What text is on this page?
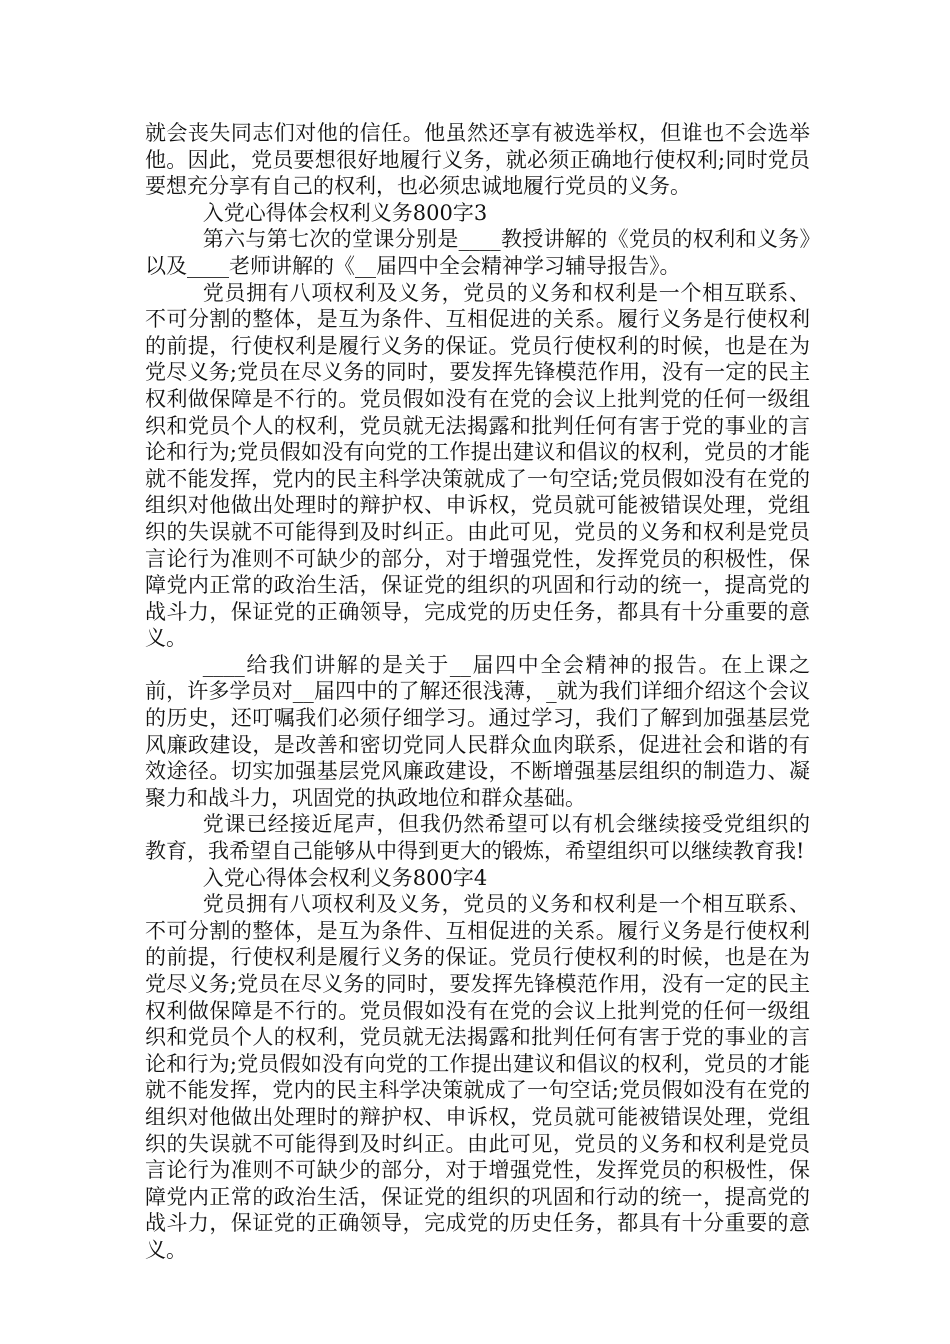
就会丧失同志们对他的信任。他虽然还享有被选举权，但谁也不会选举他。因此，党员要想很好地履行义务，就必须正确地行使权利;同时党员要想充分享有自己的权利，也必须忠诚地履行党员的义务。

入党心得体会权利义务800字3

第六与第七次的堂课分别是____教授讲解的《党员的权利和义务》以及____老师讲解的《__届四中全会精神学习辅导报告》。

党员拥有八项权利及义务，党员的义务和权利是一个相互联系、不可分割的整体，是互为条件、互相促进的关系。履行义务是行使权利的前提，行使权利是履行义务的保证。党员行使权利的时候，也是在为党尽义务;党员在尽义务的同时，要发挥先锋模范作用，没有一定的民主权利做保障是不行的。党员假如没有在党的会议上批判党的任何一级组织和党员个人的权利，党员就无法揭露和批判任何有害于党的事业的言论和行为;党员假如没有向党的工作提出建议和倡议的权利，党员的才能就不能发挥，党内的民主科学决策就成了一句空话;党员假如没有在党的组织对他做出处理时的辩护权、申诉权，党员就可能被错误处理，党组织的失误就不可能得到及时纠正。由此可见，党员的义务和权利是党员言论行为准则不可缺少的部分，对于增强党性，发挥党员的积极性，保障党内正常的政治生活，保证党的组织的巩固和行动的统一，提高党的战斗力，保证党的正确领导，完成党的历史任务，都具有十分重要的意义。

____给我们讲解的是关于__届四中全会精神的报告。在上课之前，许多学员对__届四中的了解还很浅薄，_就为我们详细介绍这个会议的历史，还叮嘱我们必须仔细学习。通过学习，我们了解到加强基层党风廉政建设，是改善和密切党同人民群众血肉联系，促进社会和谐的有效途径。切实加强基层党风廉政建设，不断增强基层组织的制造力、凝聚力和战斗力，巩固党的执政地位和群众基础。

党课已经接近尾声，但我仍然希望可以有机会继续接受党组织的教育，我希望自己能够从中得到更大的锻炼，希望组织可以继续教育我!

入党心得体会权利义务800字4

党员拥有八项权利及义务，党员的义务和权利是一个相互联系、不可分割的整体，是互为条件、互相促进的关系。履行义务是行使权利的前提，行使权利是履行义务的保证。党员行使权利的时候，也是在为党尽义务;党员在尽义务的同时，要发挥先锋模范作用，没有一定的民主权利做保障是不行的。党员假如没有在党的会议上批判党的任何一级组织和党员个人的权利，党员就无法揭露和批判任何有害于党的事业的言论和行为;党员假如没有向党的工作提出建议和倡议的权利，党员的才能就不能发挥，党内的民主科学决策就成了一句空话;党员假如没有在党的组织对他做出处理时的辩护权、申诉权，党员就可能被错误处理，党组织的失误就不可能得到及时纠正。由此可见，党员的义务和权利是党员言论行为准则不可缺少的部分，对于增强党性，发挥党员的积极性，保障党内正常的政治生活，保证党的组织的巩固和行动的统一，提高党的战斗力，保证党的正确领导，完成党的历史任务，都具有十分重要的意义。
